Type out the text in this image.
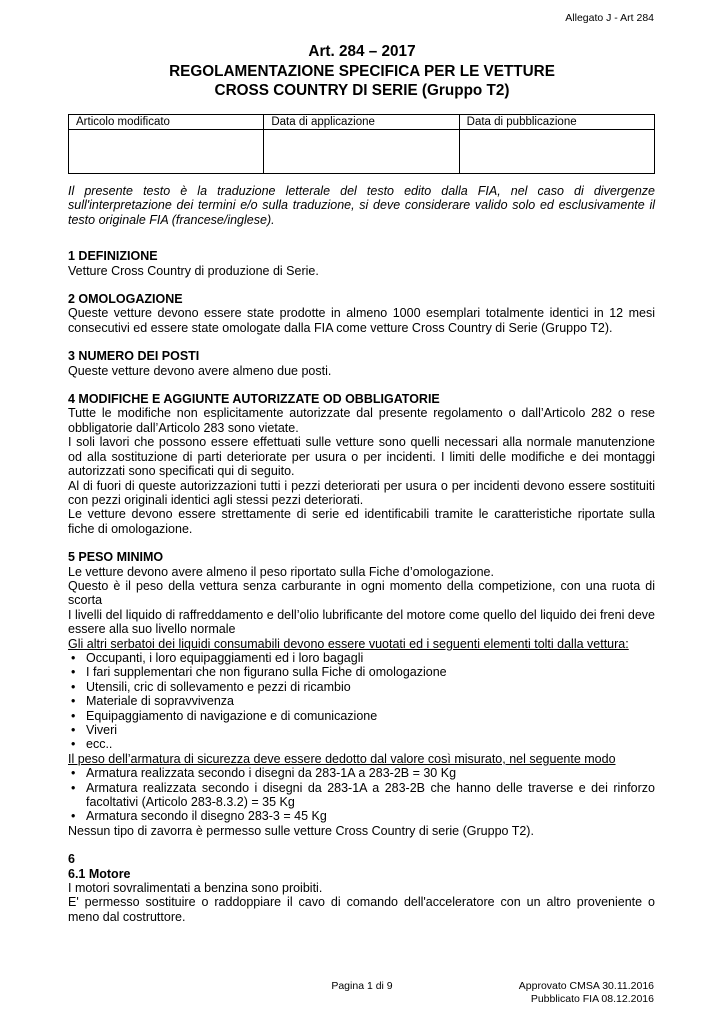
Allegato J - Art 284
Art. 284 – 2017
REGOLAMENTAZIONE SPECIFICA PER LE VETTURE
CROSS COUNTRY DI SERIE (Gruppo T2)
Articolo modificato	Data di applicazione	Data di pubblicazione

Il presente testo è la traduzione letterale del testo edito dalla FIA, nel caso di divergenze sull'interpretazione dei termini e/o sulla traduzione, si deve considerare valido solo ed esclusivamente il testo originale FIA (francese/inglese).

1 DEFINIZIONE

Vetture Cross Country di produzione di Serie.

2 OMOLOGAZIONE

Queste vetture devono essere state prodotte in almeno 1000 esemplari totalmente identici in 12 mesi consecutivi ed essere state omologate dalla FIA come vetture Cross Country di Serie (Gruppo T2).

3 NUMERO DEI POSTI

Queste vetture devono avere almeno due posti.

4 MODIFICHE E AGGIUNTE AUTORIZZATE OD OBBLIGATORIE

Tutte le modifiche non esplicitamente autorizzate dal presente regolamento o dall’Articolo 282 o rese obbligatorie dall’Articolo 283 sono vietate.

I soli lavori che possono essere effettuati sulle vetture sono quelli necessari alla normale manutenzione od alla sostituzione di parti deteriorate per usura o per incidenti. I limiti delle modifiche e dei montaggi autorizzati sono specificati qui di seguito.

Al di fuori di queste autorizzazioni tutti i pezzi deteriorati per usura o per incidenti devono essere sostituiti con pezzi originali identici agli stessi pezzi deteriorati.

Le vetture devono essere strettamente di serie ed identificabili tramite le caratteristiche riportate sulla fiche di omologazione.

5 PESO MINIMO

Le vetture devono avere almeno il peso riportato sulla Fiche d’omologazione.

Questo è il peso della vettura senza carburante in ogni momento della competizione, con una ruota di scorta

I livelli del liquido di raffreddamento e dell’olio lubrificante del motore come quello del liquido dei freni deve essere alla suo livello normale

Gli altri serbatoi dei liquidi consumabili devono essere vuotati ed i seguenti elementi tolti dalla vettura:

• Occupanti, i loro equipaggiamenti ed i loro bagagli
• I fari supplementari che non figurano sulla Fiche di omologazione
• Utensili, cric di sollevamento e pezzi di ricambio
• Materiale di sopravvivenza
• Equipaggiamento di navigazione e di comunicazione
• Viveri
• ecc..

Il peso dell’armatura di sicurezza deve essere dedotto dal valore così misurato, nel seguente modo

• Armatura realizzata secondo i disegni da 283-1A a 283-2B = 30 Kg
• Armatura realizzata secondo i disegni da 283-1A a 283-2B che hanno delle traverse e dei rinforzo facoltativi (Articolo 283-8.3.2) = 35 Kg
• Armatura secondo il disegno 283-3 = 45 Kg

Nessun tipo di zavorra è permesso sulle vetture Cross Country di serie (Gruppo T2).

6
6.1 Motore

I motori sovralimentati a benzina sono proibiti.

E' permesso sostituire o raddoppiare il cavo di comando dell'acceleratore con un altro proveniente o meno dal costruttore.

Pagina 1 di 9	Approvato CMSA 30.11.2016
Pubblicato FIA 08.12.2016
